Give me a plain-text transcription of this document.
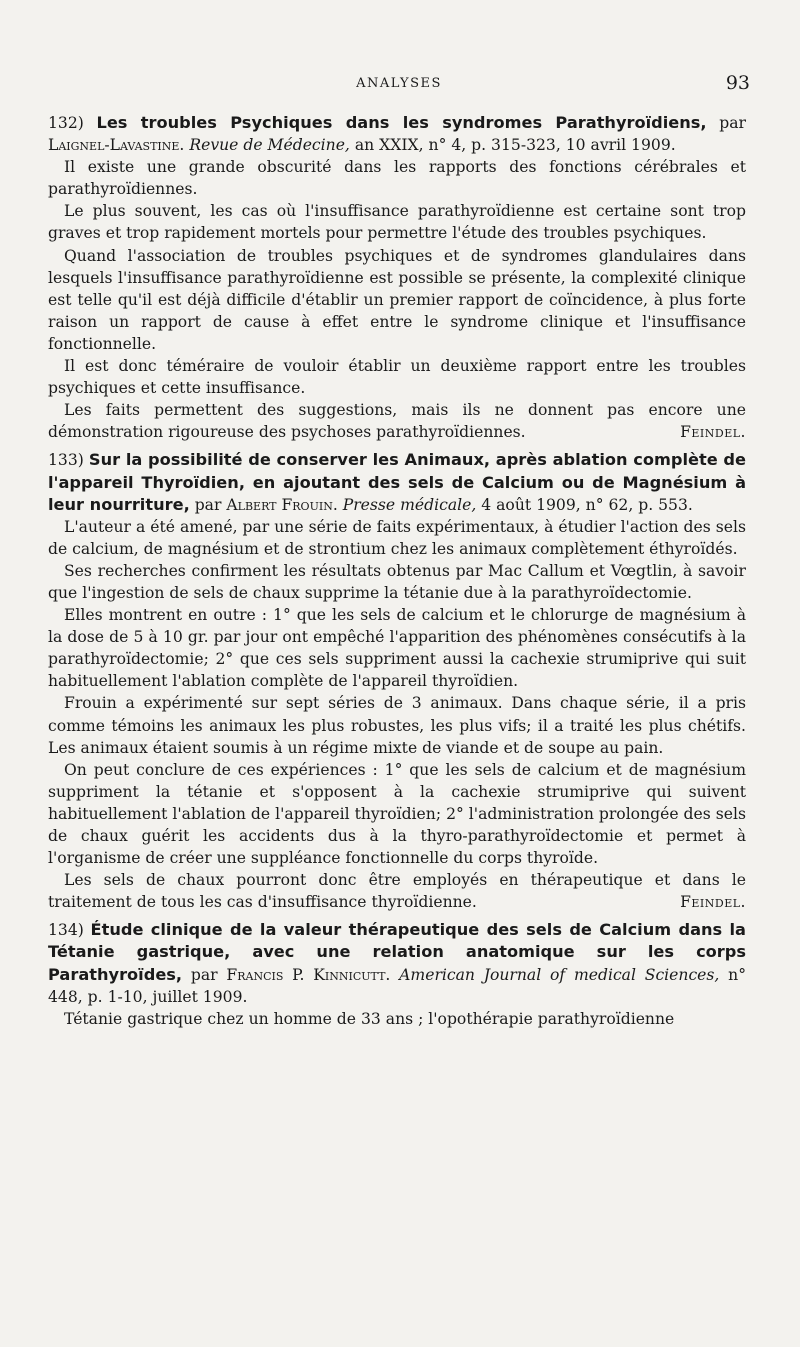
ANALYSES	93
132) Les troubles Psychiques dans les syndromes Parathyroïdiens, par Laignel-Lavastine. Revue de Médecine, an XXIX, n° 4, p. 315-323, 10 avril 1909.

Il existe une grande obscurité dans les rapports des fonctions cérébrales et parathyroïdiennes.

Le plus souvent, les cas où l'insuffisance parathyroïdienne est certaine sont trop graves et trop rapidement mortels pour permettre l'étude des troubles psychiques.

Quand l'association de troubles psychiques et de syndromes glandulaires dans lesquels l'insuffisance parathyroïdienne est possible se présente, la complexité clinique est telle qu'il est déjà difficile d'établir un premier rapport de coïncidence, à plus forte raison un rapport de cause à effet entre le syndrome clinique et l'insuffisance fonctionnelle.

Il est donc téméraire de vouloir établir un deuxième rapport entre les troubles psychiques et cette insuffisance.

Les faits permettent des suggestions, mais ils ne donnent pas encore une démonstration rigoureuse des psychoses parathyroïdiennes.	Feindel.

133) Sur la possibilité de conserver les Animaux, après ablation complète de l'appareil Thyroïdien, en ajoutant des sels de Calcium ou de Magnésium à leur nourriture, par Albert Frouin. Presse médicale, 4 août 1909, n° 62, p. 553.

L'auteur a été amené, par une série de faits expérimentaux, à étudier l'action des sels de calcium, de magnésium et de strontium chez les animaux complètement éthyroïdés.

Ses recherches confirment les résultats obtenus par Mac Callum et Vœgtlin, à savoir que l'ingestion de sels de chaux supprime la tétanie due à la parathyroïdectomie.

Elles montrent en outre : 1° que les sels de calcium et le chlorurge de magnésium à la dose de 5 à 10 gr. par jour ont empêché l'apparition des phénomènes consécutifs à la parathyroïdectomie; 2° que ces sels suppriment aussi la cachexie strumiprive qui suit habituellement l'ablation complète de l'appareil thyroïdien.

Frouin a expérimenté sur sept séries de 3 animaux. Dans chaque série, il a pris comme témoins les animaux les plus robustes, les plus vifs; il a traité les plus chétifs. Les animaux étaient soumis à un régime mixte de viande et de soupe au pain.

On peut conclure de ces expériences : 1° que les sels de calcium et de magnésium suppriment la tétanie et s'opposent à la cachexie strumiprive qui suivent habituellement l'ablation de l'appareil thyroïdien; 2° l'administration prolongée des sels de chaux guérit les accidents dus à la thyro-parathyroïdectomie et permet à l'organisme de créer une suppléance fonctionnelle du corps thyroïde.

Les sels de chaux pourront donc être employés en thérapeutique et dans le traitement de tous les cas d'insuffisance thyroïdienne.	Feindel.

134) Étude clinique de la valeur thérapeutique des sels de Calcium dans la Tétanie gastrique, avec une relation anatomique sur les corps Parathyroïdes, par Francis P. Kinnicutt. American Journal of medical Sciences, n° 448, p. 1-10, juillet 1909.

Tétanie gastrique chez un homme de 33 ans ; l'opothérapie parathyroïdienne
